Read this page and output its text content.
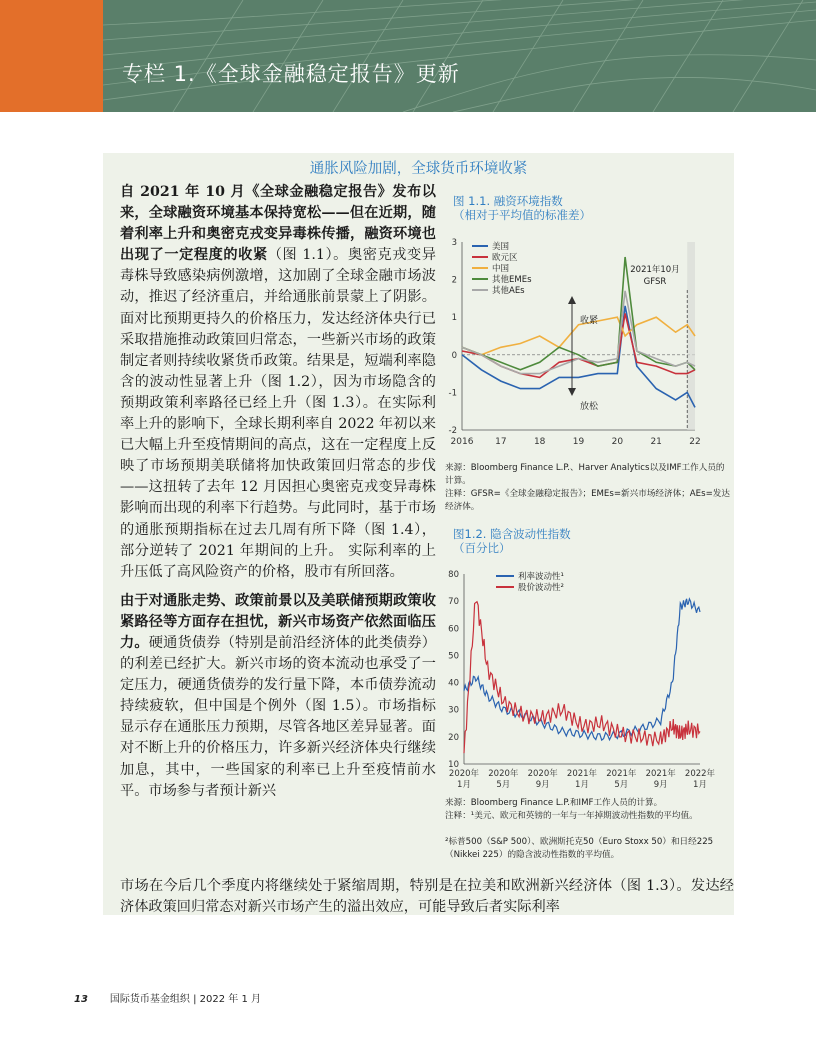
专栏 1.《全球金融稳定报告》更新
通胀风险加剧，全球货币环境收紧

自 2021 年 10 月《全球金融稳定报告》发布以来，全球融资环境基本保持宽松——但在近期，随着利率上升和奥密克戎变异毒株传播，融资环境也出现了一定程度的收紧（图 1.1）。奥密克戎变异毒株导致感染病例激增，这加剧了全球金融市场波动，推迟了经济重启，并给通胀前景蒙上了阴影。面对比预期更持久的价格压力，发达经济体央行已采取措施推动政策回归常态，一些新兴市场的政策制定者则持续收紧货币政策。结果是，短端利率隐含的波动性显著上升（图 1.2），因为市场隐含的预期政策利率路径已经上升（图 1.3）。在实际利率上升的影响下，全球长期利率自 2022 年初以来已大幅上升至疫情期间的高点，这在一定程度上反映了市场预期美联储将加快政策回归常态的步伐——这扭转了去年 12 月因担心奥密克戎变异毒株影响而出现的利率下行趋势。与此同时，基于市场的通胀预期指标在过去几周有所下降（图 1.4），部分逆转了 2021 年期间的上升。 实际利率的上升压低了高风险资产的价格，股市有所回落。

由于对通胀走势、政策前景以及美联储预期政策收紧路径等方面存在担忧，新兴市场资产依然面临压力。硬通货债券（特别是前沿经济体的此类债券）的利差已经扩大。新兴市场的资本流动也承受了一定压力，硬通货债券的发行量下降，本币债券流动持续疲软，但中国是个例外（图 1.5）。市场指标显示存在通胀压力预期，尽管各地区差异显著。面对不断上升的价格压力，许多新兴经济体央行继续加息，其中，一些国家的利率已上升至疫情前水平。市场参与者预计新兴

市场在今后几个季度内将继续处于紧缩周期，特别是在拉美和欧洲新兴经济体（图 1.3）。发达经济体政策回归常态对新兴市场产生的溢出效应，可能导致后者实际利率
图 1.1. 融资环境指数
（相对于平均值的标准差）
-2
-1
0
1
2
3
2016 17	18	19	20	21	22
美国
欧元区
中国
其他EMEs
其他AEs
2021年10月
GFSR
收紧
放松
来源：Bloomberg Finance L.P.、Harver Analytics以及IMF工作人员的计算。
注释：GFSR=《全球金融稳定报告》；EMEs=新兴市场经济体；AEs=发达经济体。
图1.2. 隐含波动性指数
（百分比）
10
20
30
40
50
60
70
80
2020年
1月
2020年
5月
2020年
9月
2021年
1月
2021年
5月
2021年
9月
2022年
1月
利率波动性¹
股价波动性²
来源：Bloomberg Finance L.P.和IMF工作人员的计算。
注释：¹美元、欧元和英镑的一年与一年掉期波动性指数的平均值。
²标普500（S&P 500）、欧洲斯托克50（Euro Stoxx 50）和日经225（Nikkei 225）的隐含波动性指数的平均值。
13 国际货币基金组织 | 2022 年 1 月
